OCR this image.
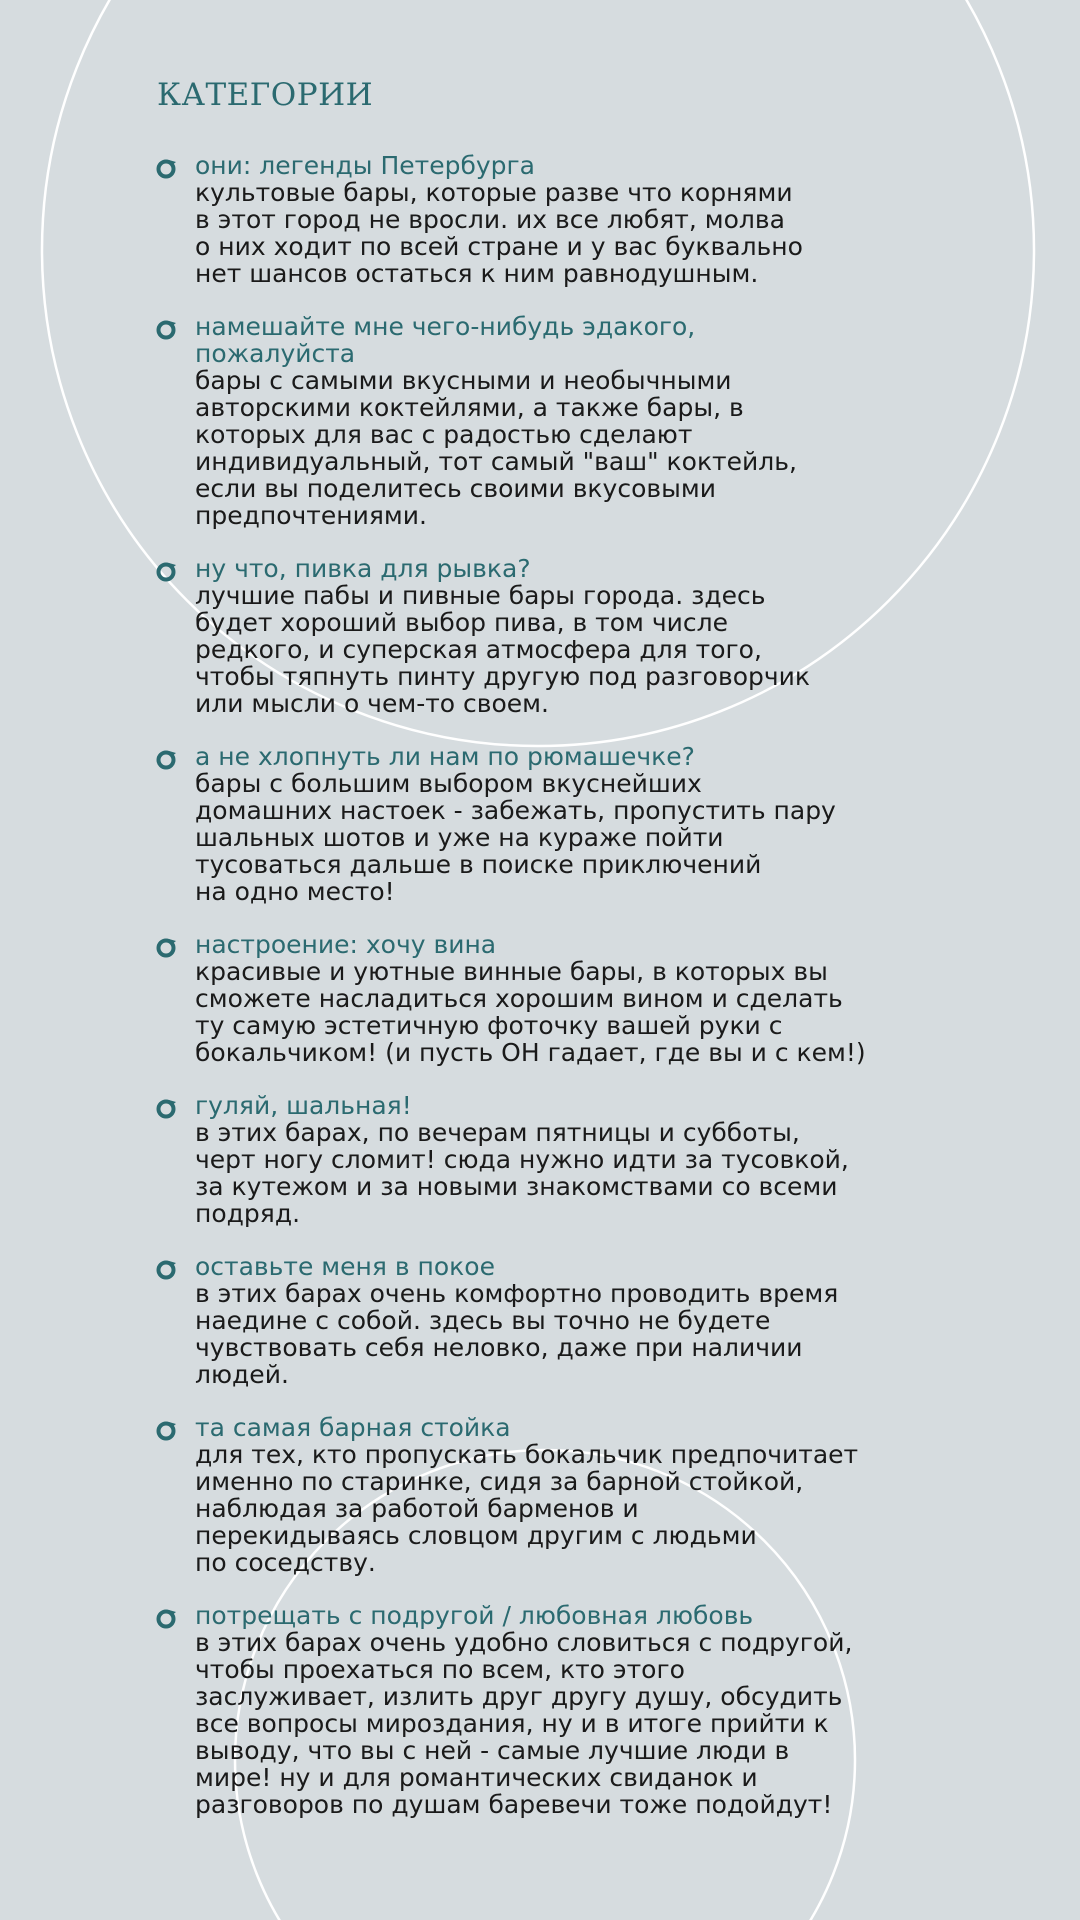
КАТЕГОРИИ
они: легенды Петербурга
культовые бары, которые разве что корнями
в этот город не вросли. их все любят, молва
о них ходит по всей стране и у вас буквально
нет шансов остаться к ним равнодушным.
намешайте мне чего-нибудь эдакого,
пожалуйста
бары с самыми вкусными и необычными
авторскими коктейлями, а также бары, в
которых для вас с радостью сделают
индивидуальный, тот самый "ваш" коктейль,
если вы поделитесь своими вкусовыми
предпочтениями.
ну что, пивка для рывка?
лучшие пабы и пивные бары города. здесь
будет хороший выбор пива, в том числе
редкого, и суперская атмосфера для того,
чтобы тяпнуть пинту другую под разговорчик
или мысли о чем-то своем.
а не хлопнуть ли нам по рюмашечке?
бары с большим выбором вкуснейших
домашних настоек - забежать, пропустить пару
шальных шотов и уже на кураже пойти
тусоваться дальше в поиске приключений
на одно место!
настроение: хочу вина
красивые и уютные винные бары, в которых вы
сможете насладиться хорошим вином и сделать
ту самую эстетичную фоточку вашей руки с
бокальчиком! (и пусть ОН гадает, где вы и с кем!)
гуляй, шальная!
в этих барах, по вечерам пятницы и субботы,
черт ногу сломит! сюда нужно идти за тусовкой,
за кутежом и за новыми знакомствами со всеми
подряд.
оставьте меня в покое
в этих барах очень комфортно проводить время
наедине с собой. здесь вы точно не будете
чувствовать себя неловко, даже при наличии
людей.
та самая барная стойка
для тех, кто пропускать бокальчик предпочитает
именно по старинке, сидя за барной стойкой,
наблюдая за работой барменов и
перекидываясь словцом другим с людьми
по соседству.
потрещать с подругой / любовная любовь
в этих барах очень удобно словиться с подругой,
чтобы проехаться по всем, кто этого
заслуживает, излить друг другу душу, обсудить
все вопросы мироздания, ну и в итоге прийти к
выводу, что вы с ней - самые лучшие люди в
мире! ну и для романтических свиданок и
разговоров по душам баревечи тоже подойдут!
